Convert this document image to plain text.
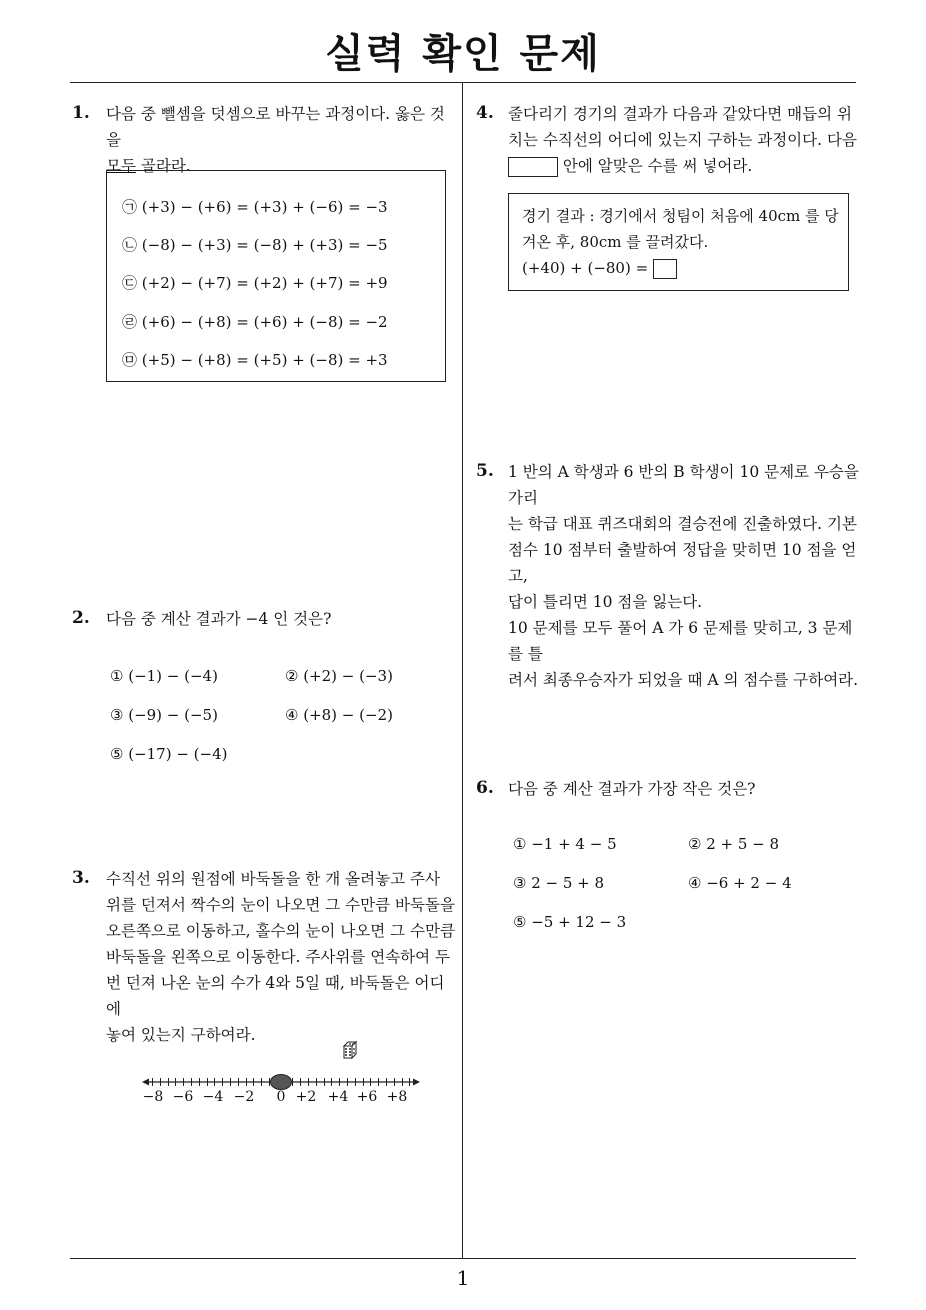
실력 확인 문제
1
1. 다음 중 뺄셈을 덧셈으로 바꾸는 과정이다. 옳은 것을
모두 골라라.
㉠ (+3) − (+6) = (+3) + (−6) = −3
㉡ (−8) − (+3) = (−8) + (+3) = −5
㉢ (+2) − (+7) = (+2) + (+7) = +9
㉣ (+6) − (+8) = (+6) + (−8) = −2
㉤ (+5) − (+8) = (+5) + (−8) = +3
2. 다음 중 계산 결과가 −4 인 것은?
① (−1) − (−4)	② (+2) − (−3)
③ (−9) − (−5)	④ (+8) − (−2)
⑤ (−17) − (−4)
3. 수직선 위의 원점에 바둑돌을 한 개 올려놓고 주사
위를 던져서 짝수의 눈이 나오면 그 수만큼 바둑돌을
오른쪽으로 이동하고, 홀수의 눈이 나오면 그 수만큼
바둑돌을 왼쪽으로 이동한다. 주사위를 연속하여 두
번 던져 나온 눈의 수가 4와 5일 때, 바둑돌은 어디에
놓여 있는지 구하여라.
−8 −6 −4 −2 0 +2 +4 +6 +8
4. 줄다리기 경기의 결과가 다음과 같았다면 매듭의 위
치는 수직선의 어디에 있는지 구하는 과정이다. 다음
안에 알맞은 수를 써 넣어라.
경기 결과 : 경기에서 청팀이 처음에 40cm 를 당
겨온 후, 80cm 를 끌려갔다.
(+40) + (−80) =
5. 1 반의 A 학생과 6 반의 B 학생이 10 문제로 우승을 가리
는 학급 대표 퀴즈대회의 결승전에 진출하였다. 기본
점수 10 점부터 출발하여 정답을 맞히면 10 점을 얻고,
답이 틀리면 10 점을 잃는다.
10 문제를 모두 풀어 A 가 6 문제를 맞히고, 3 문제를 틀
려서 최종우승자가 되었을 때 A 의 점수를 구하여라.
6. 다음 중 계산 결과가 가장 작은 것은?
① −1 + 4 − 5	② 2 + 5 − 8
③ 2 − 5 + 8	④ −6 + 2 − 4
⑤ −5 + 12 − 3
